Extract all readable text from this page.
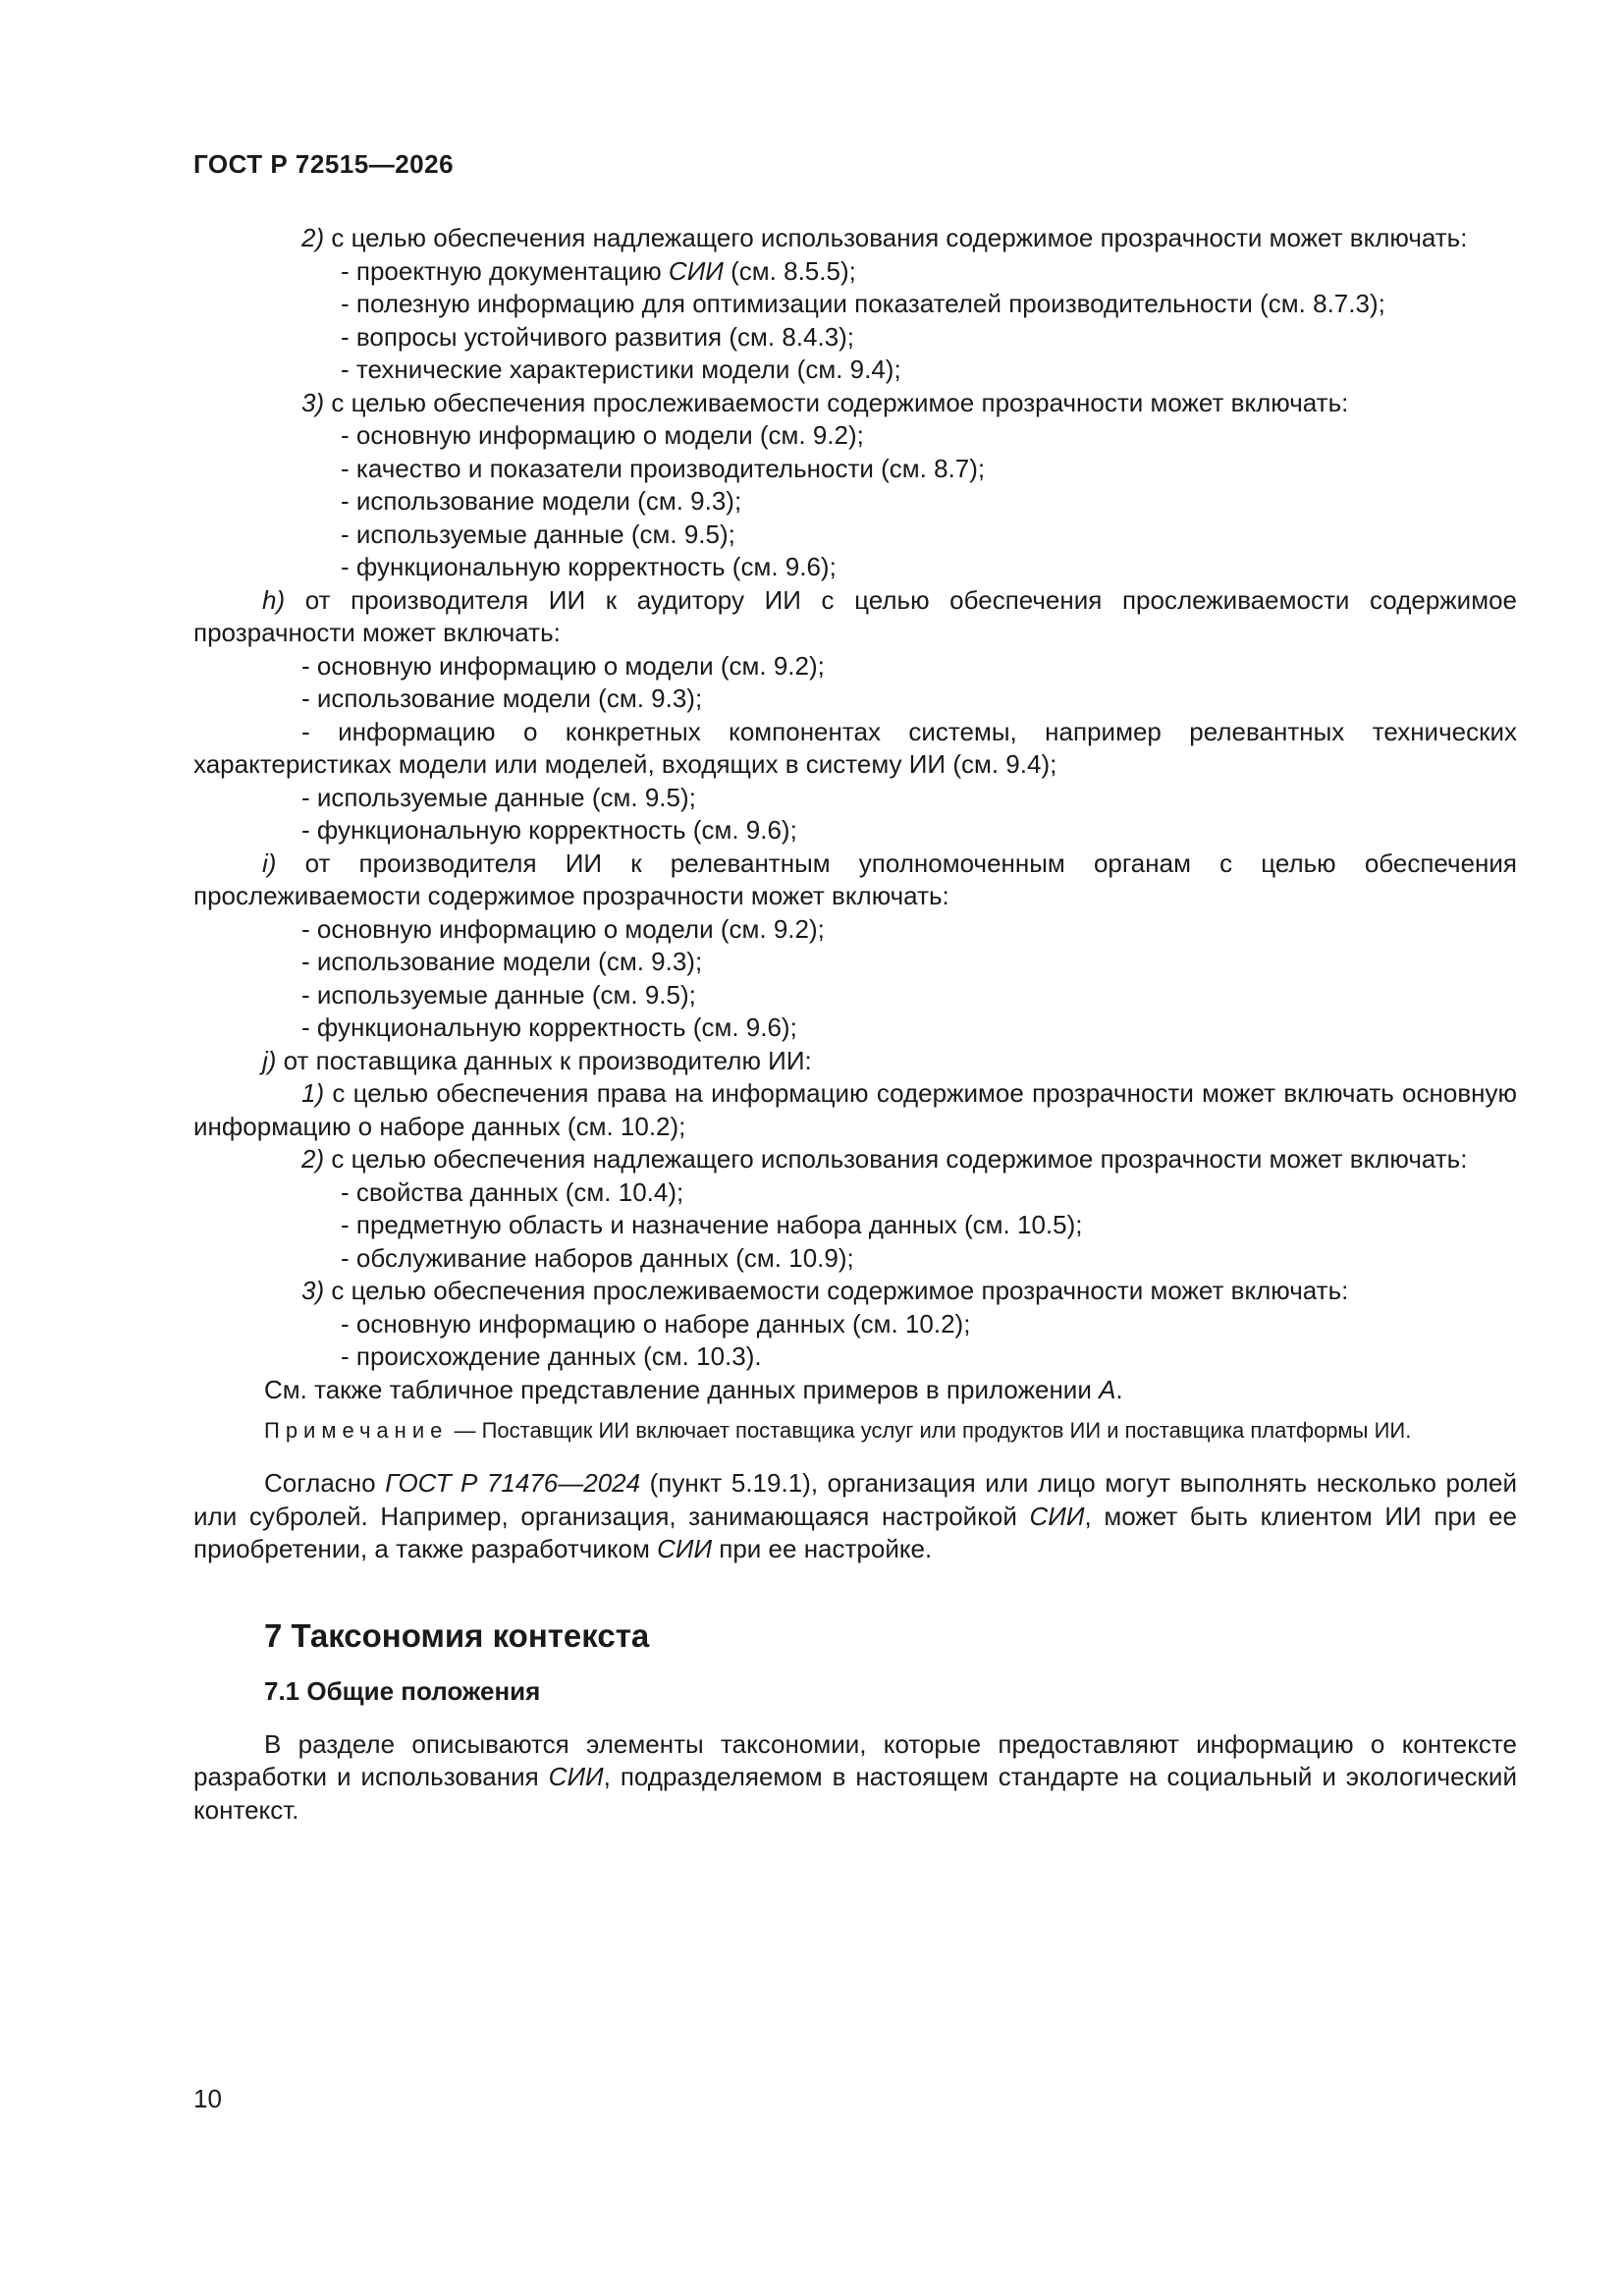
ГОСТ Р 72515—2026

2) с целью обеспечения надлежащего использования содержимое прозрачности может включать:

- проектную документацию СИИ (см. 8.5.5);

- полезную информацию для оптимизации показателей производительности (см. 8.7.3);

- вопросы устойчивого развития (см. 8.4.3);

- технические характеристики модели (см. 9.4);

3) с целью обеспечения прослеживаемости содержимое прозрачности может включать:

- основную информацию о модели (см. 9.2);

- качество и показатели производительности (см. 8.7);

- использование модели (см. 9.3);

- используемые данные (см. 9.5);

- функциональную корректность (см. 9.6);

h) от производителя ИИ к аудитору ИИ с целью обеспечения прослеживаемости содержимое прозрачности может включать:

- основную информацию о модели (см. 9.2);

- использование модели (см. 9.3);

- информацию о конкретных компонентах системы, например релевантных технических характеристиках модели или моделей, входящих в систему ИИ (см. 9.4);

- используемые данные (см. 9.5);

- функциональную корректность (см. 9.6);

i) от производителя ИИ к релевантным уполномоченным органам с целью обеспечения прослеживаемости содержимое прозрачности может включать:

- основную информацию о модели (см. 9.2);

- использование модели (см. 9.3);

- используемые данные (см. 9.5);

- функциональную корректность (см. 9.6);

j) от поставщика данных к производителю ИИ:

1) с целью обеспечения права на информацию содержимое прозрачности может включать основную информацию о наборе данных (см. 10.2);

2) с целью обеспечения надлежащего использования содержимое прозрачности может включать:

- свойства данных (см. 10.4);

- предметную область и назначение набора данных (см. 10.5);

- обслуживание наборов данных (см. 10.9);

3) с целью обеспечения прослеживаемости содержимое прозрачности может включать:

- основную информацию о наборе данных (см. 10.2);

- происхождение данных (см. 10.3).

См. также табличное представление данных примеров в приложении А.

Примечание — Поставщик ИИ включает поставщика услуг или продуктов ИИ и поставщика платформы ИИ.

Согласно ГОСТ Р 71476—2024 (пункт 5.19.1), организация или лицо могут выполнять несколько ролей или субролей. Например, организация, занимающаяся настройкой СИИ, может быть клиентом ИИ при ее приобретении, а также разработчиком СИИ при ее настройке.

7 Таксономия контекста
7.1 Общие положения

В разделе описываются элементы таксономии, которые предоставляют информацию о контексте разработки и использования СИИ, подразделяемом в настоящем стандарте на социальный и экологический контекст.

10
